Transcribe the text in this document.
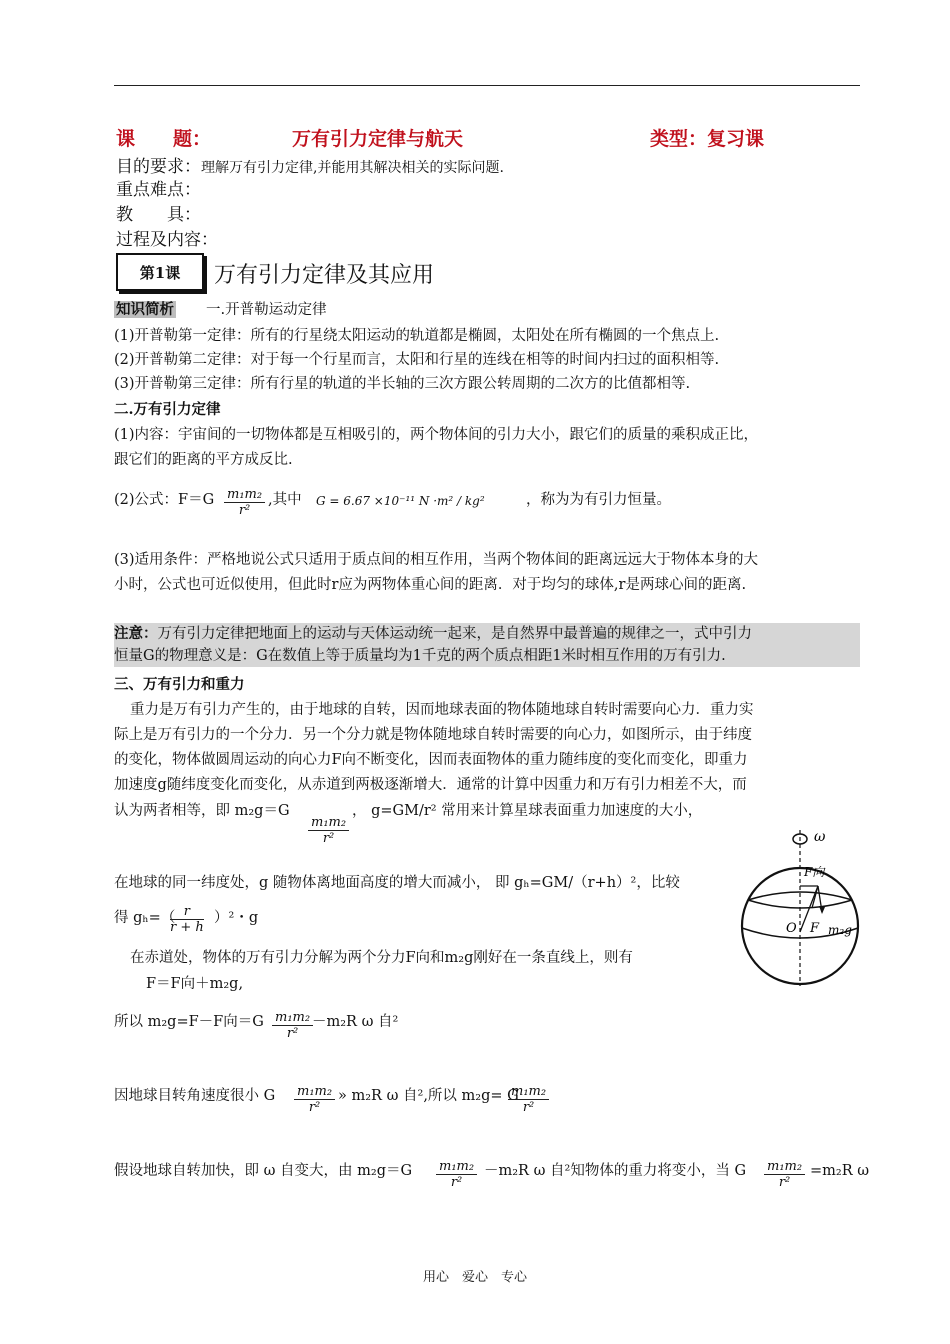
课　　题：	万有引力定律与航天	类型：复习课
目的要求：理解万有引力定律,并能用其解决相关的实际问题.
重点难点：
教　　具：
过程及内容：
第1课	万有引力定律及其应用
知识简析 一.开普勒运动定律
(1)开普勒第一定律：所有的行星绕太阳运动的轨道都是椭圆，太阳处在所有椭圆的一个焦点上.
(2)开普勒第二定律：对于每一个行星而言，太阳和行星的连线在相等的时间内扫过的面积相等.
(3)开普勒第三定律：所有行星的轨道的半长轴的三次方跟公转周期的二次方的比值都相等.
二.万有引力定律
(1)内容：宇宙间的一切物体都是互相吸引的，两个物体间的引力大小，跟它们的质量的乘积成正比，
跟它们的距离的平方成反比.
(2)公式：$F=G \frac{\text{m₁m₂}}{\text{r²}}$ ,其中 G = 6.67 ×10⁻¹¹ N ·m² / kg²	，称为为有引力恒量。
(3)适用条件：严格地说公式只适用于质点间的相互作用，当两个物体间的距离远远大于物体本身的大
小时，公式也可近似使用，但此时r应为两物体重心间的距离．对于均匀的球体,r是两球心间的距离.
注意：万有引力定律把地面上的运动与天体运动统一起来，是自然界中最普遍的规律之一，式中引力
恒量G的物理意义是：G在数值上等于质量均为1千克的两个质点相距1米时相互作用的万有引力.
三、万有引力和重力
重力是万有引力产生的，由于地球的自转，因而地球表面的物体随地球自转时需要向心力．重力实
际上是万有引力的一个分力．另一个分力就是物体随地球自转时需要的向心力，如图所示，由于纬度
的变化，物体做圆周运动的向心力F向不断变化，因而表面物体的重力随纬度的变化而变化，即重力
加速度g随纬度变化而变化，从赤道到两极逐渐增大．通常的计算中因重力和万有引力相差不大，而
认为两者相等，即 m₂g＝G
$\frac{\text{m₁m₂}}{\text{r²}}$
， g=GM/r² 常用来计算星球表面重力加速度的大小，
在地球的同一纬度处，g 随物体离地面高度的增大而减小， 即 gₕ=GM/（r+h）²，比较
得 gₕ=（
$\frac{r}{r + h} )^2$・g
在赤道处，物体的万有引力分解为两个分力F向和m₂g刚好在一条直线上，则有
F＝F向＋m₂g,
所以 m₂g=F－F向$=G \frac{\text{m₁m₂}}{\text{r²}}$
－m₂R ω 自²
因地球目转角速度很小 G $\frac{\text{m₁m₂}}{\text{r²}}$ » m₂R ω 自²,所以 m₂g= G
$\frac{\text{m₁m₂}}{\text{r²}}$
假设地球自转加快，即 ω 自变大，由 $m_2g=G \frac{\text{m₁m₂}}{\text{r²}} -m_2R$ ω 自²知物体的重力将变小，当 G $\frac{\text{m₁m₂}}{\text{r²}} =m_2R$ ω
ω
F向
O F m₂g
用心　爱心　专心
